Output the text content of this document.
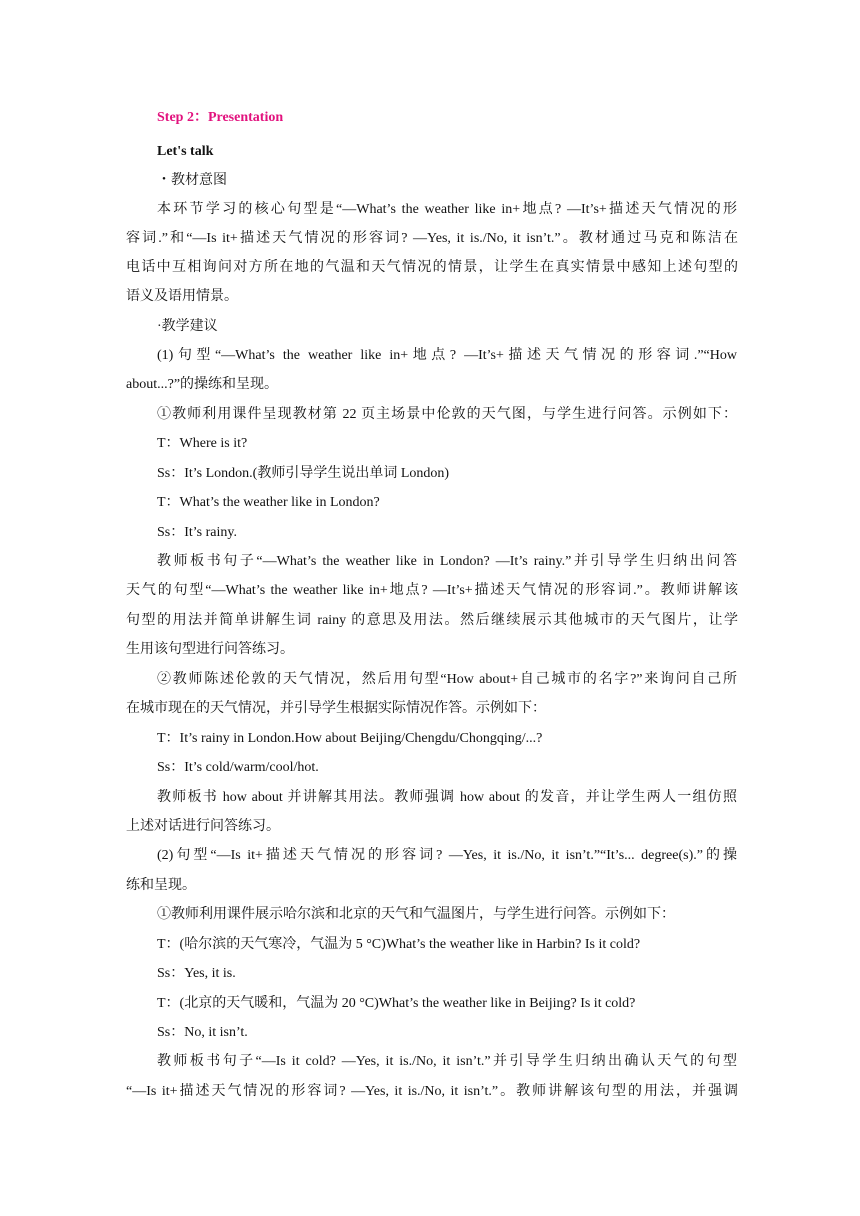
Step 2：Presentation
Let's talk
・教材意图
本环节学习的核心句型是“—What’s the weather like in+地点? —It’s+描述天气情况的形
容词.”和“—Is it+描述天气情况的形容词? —Yes, it is./No, it isn’t.”。教材通过马克和陈洁在
电话中互相询问对方所在地的气温和天气情况的情景，让学生在真实情景中感知上述句型的
语义及语用情景。
·教学建议
(1)句型“—What’s the weather like in+地点? —It’s+描述天气情况的形容词.”“How
about...?”的操练和呈现。
①教师利用课件呈现教材第 22 页主场景中伦敦的天气图，与学生进行问答。示例如下：
T：Where is it?
Ss：It’s London.(教师引导学生说出单词 London)
T：What’s the weather like in London?
Ss：It’s rainy.
教师板书句子“—What’s the weather like in London? —It’s rainy.”并引导学生归纳出问答
天气的句型“—What’s the weather like in+地点? —It’s+描述天气情况的形容词.”。教师讲解该
句型的用法并简单讲解生词 rainy 的意思及用法。然后继续展示其他城市的天气图片，让学
生用该句型进行问答练习。
②教师陈述伦敦的天气情况，然后用句型“How about+自己城市的名字?”来询问自己所
在城市现在的天气情况，并引导学生根据实际情况作答。示例如下：
T：It’s rainy in London.How about Beijing/Chengdu/Chongqing/...?
Ss：It’s cold/warm/cool/hot.
教师板书 how about 并讲解其用法。教师强调 how about 的发音，并让学生两人一组仿照
上述对话进行问答练习。
(2)句型“—Is it+描述天气情况的形容词? —Yes, it is./No, it isn’t.”“It’s... degree(s).”的操
练和呈现。
①教师利用课件展示哈尔滨和北京的天气和气温图片，与学生进行问答。示例如下：
T：(哈尔滨的天气寒冷，气温为 5 °C)What’s the weather like in Harbin? Is it cold?
Ss：Yes, it is.
T：(北京的天气暖和，气温为 20 °C)What’s the weather like in Beijing? Is it cold?
Ss：No, it isn’t.
教师板书句子“—Is it cold? —Yes, it is./No, it isn’t.”并引导学生归纳出确认天气的句型
“—Is it+描述天气情况的形容词? —Yes, it is./No, it isn’t.”。教师讲解该句型的用法，并强调
